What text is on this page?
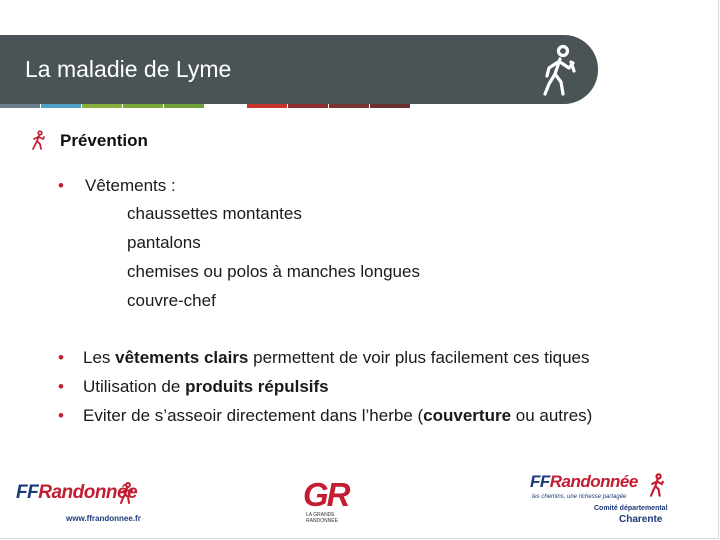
La maladie de Lyme
Prévention
• Vêtements :
chaussettes montantes
pantalons
chemises ou polos à manches longues
couvre-chef
• Les vêtements clairs permettent de voir plus facilement ces tiques
• Utilisation de produits répulsifs
• Eviter de s’asseoir directement dans l’herbe (couverture ou autres)
FFRandonnée
www.ffrandonnee.fr
GR
LA GRANDE
RANDONNÉE
FFRandonnée
les chemins, une richesse partagée
Comité départemental
Charente
